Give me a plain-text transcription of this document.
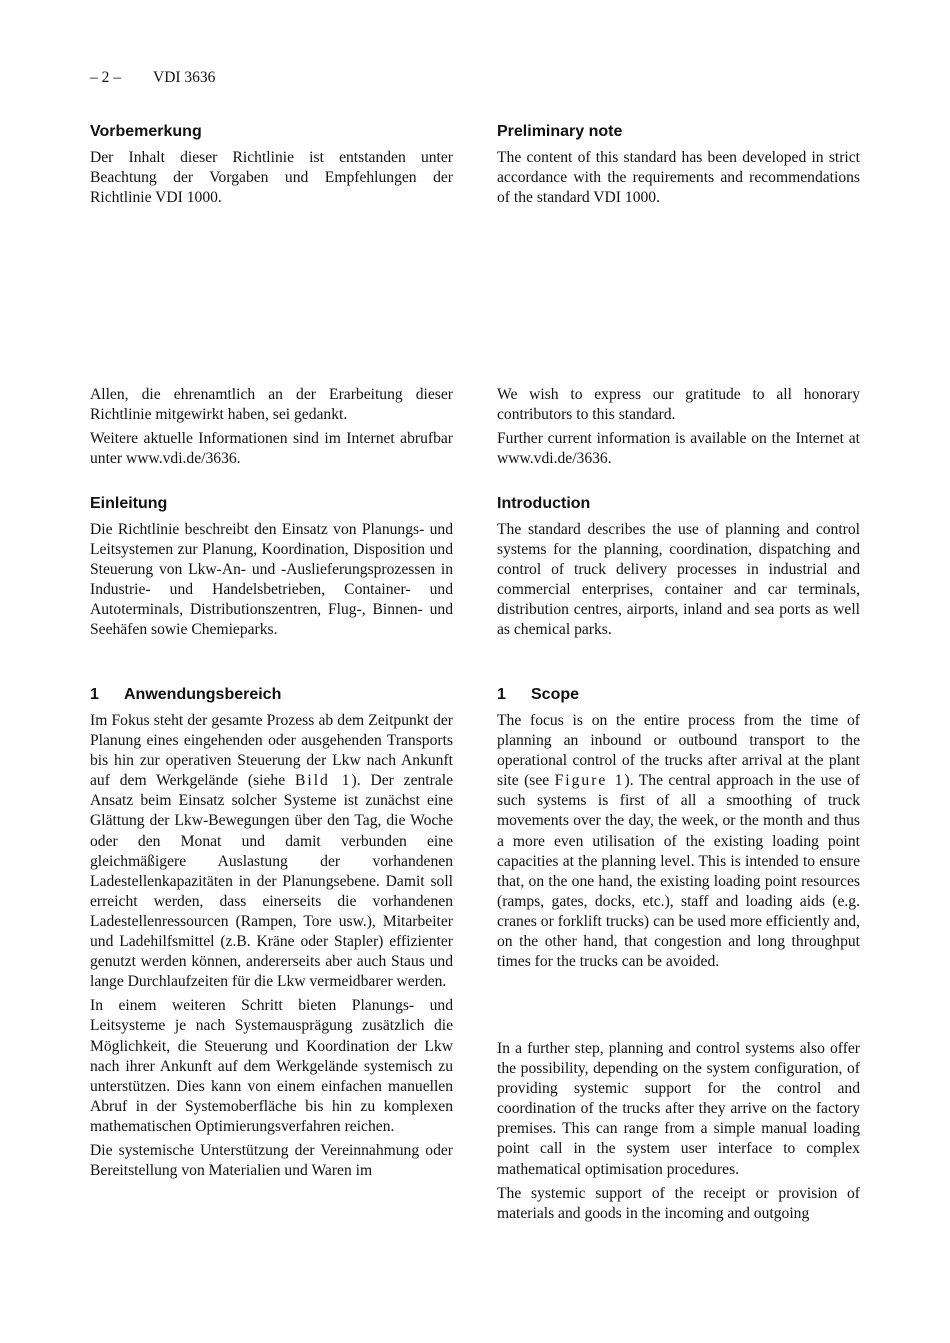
– 2 – VDI 3636
Vorbemerkung

Der Inhalt dieser Richtlinie ist entstanden unter Beachtung der Vorgaben und Empfehlungen der Richtlinie VDI 1000.

Allen, die ehrenamtlich an der Erarbeitung dieser Richtlinie mitgewirkt haben, sei gedankt.

Weitere aktuelle Informationen sind im Internet abrufbar unter www.vdi.de/3636.

Einleitung

Die Richtlinie beschreibt den Einsatz von Planungs- und Leitsystemen zur Planung, Koordination, Disposition und Steuerung von Lkw-An- und -Auslieferungsprozessen in Industrie- und Handelsbetrieben, Container- und Autoterminals, Distributionszentren, Flug-, Binnen- und Seehäfen sowie Chemieparks.

1 Anwendungsbereich

Im Fokus steht der gesamte Prozess ab dem Zeitpunkt der Planung eines eingehenden oder ausgehenden Transports bis hin zur operativen Steuerung der Lkw nach Ankunft auf dem Werkgelände (siehe Bild 1). Der zentrale Ansatz beim Einsatz solcher Systeme ist zunächst eine Glättung der Lkw-Bewegungen über den Tag, die Woche oder den Monat und damit verbunden eine gleichmäßigere Auslastung der vorhandenen Ladestellenkapazitäten in der Planungsebene. Damit soll erreicht werden, dass einerseits die vorhandenen Ladestellenressourcen (Rampen, Tore usw.), Mitarbeiter und Ladehilfsmittel (z.B. Kräne oder Stapler) effizienter genutzt werden können, andererseits aber auch Staus und lange Durchlaufzeiten für die Lkw vermeidbarer werden.

In einem weiteren Schritt bieten Planungs- und Leitsysteme je nach Systemausprägung zusätzlich die Möglichkeit, die Steuerung und Koordination der Lkw nach ihrer Ankunft auf dem Werkgelände systemisch zu unterstützen. Dies kann von einem einfachen manuellen Abruf in der Systemoberfläche bis hin zu komplexen mathematischen Optimierungsverfahren reichen.

Die systemische Unterstützung der Vereinnahmung oder Bereitstellung von Materialien und Waren im

Preliminary note

The content of this standard has been developed in strict accordance with the requirements and recommendations of the standard VDI 1000.

We wish to express our gratitude to all honorary contributors to this standard.

Further current information is available on the Internet at www.vdi.de/3636.

Introduction

The standard describes the use of planning and control systems for the planning, coordination, dispatching and control of truck delivery processes in industrial and commercial enterprises, container and car terminals, distribution centres, airports, inland and sea ports as well as chemical parks.

1 Scope

The focus is on the entire process from the time of planning an inbound or outbound transport to the operational control of the trucks after arrival at the plant site (see Figure 1). The central approach in the use of such systems is first of all a smoothing of truck movements over the day, the week, or the month and thus a more even utilisation of the existing loading point capacities at the planning level. This is intended to ensure that, on the one hand, the existing loading point resources (ramps, gates, docks, etc.), staff and loading aids (e.g. cranes or forklift trucks) can be used more efficiently and, on the other hand, that congestion and long throughput times for the trucks can be avoided.

In a further step, planning and control systems also offer the possibility, depending on the system configuration, of providing systemic support for the control and coordination of the trucks after they arrive on the factory premises. This can range from a simple manual loading point call in the system user interface to complex mathematical optimisation procedures.

The systemic support of the receipt or provision of materials and goods in the incoming and outgoing
